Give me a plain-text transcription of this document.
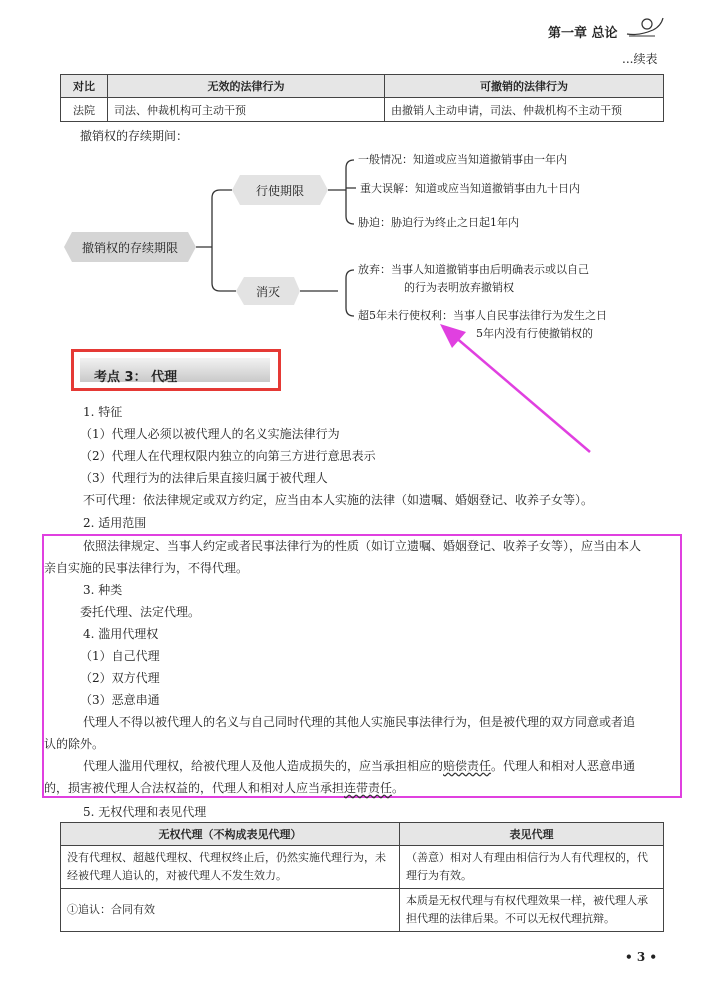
第一章 总论
...续表
对比	无效的法律行为	可撤销的法律行为
法院	司法、仲裁机构可主动干预	由撤销人主动申请，司法、仲裁机构不主动干预
撤销权的存续期间：
撤销权的存续期限
行使期限
消灭
一般情况：知道或应当知道撤销事由一年内
重大误解：知道或应当知道撤销事由九十日内
胁迫：胁迫行为终止之日起1年内
放弃：当事人知道撤销事由后明确表示或以自己
的行为表明放弃撤销权
超5年未行使权利：当事人自民事法律行为发生之日
5年内没有行使撤销权的
考点 3： 代理
1. 特征
（1）代理人必须以被代理人的名义实施法律行为
（2）代理人在代理权限内独立的向第三方进行意思表示
（3）代理行为的法律后果直接归属于被代理人
不可代理：依法律规定或双方约定，应当由本人实施的法律（如遗嘱、婚姻登记、收养子女等）。
2. 适用范围
依照法律规定、当事人约定或者民事法律行为的性质（如订立遗嘱、婚姻登记、收养子女等），应当由本人
亲自实施的民事法律行为，不得代理。
3. 种类
委托代理、法定代理。
4. 滥用代理权
（1）自己代理
（2）双方代理
（3）恶意串通
代理人不得以被代理人的名义与自己同时代理的其他人实施民事法律行为，但是被代理的双方同意或者追
认的除外。
代理人滥用代理权，给被代理人及他人造成损失的，应当承担相应的赔偿责任。代理人和相对人恶意串通
的，损害被代理人合法权益的，代理人和相对人应当承担连带责任。
5. 无权代理和表见代理
无权代理（不构成表见代理）	表见代理
没有代理权、超越代理权、代理权终止后，仍然实施代理行为，未经被代理人追认的，对被代理人不发生效力。	（善意）相对人有理由相信行为人有代理权的，代理行为有效。
①追认：合同有效	本质是无权代理与有权代理效果一样，被代理人承担代理的法律后果。不可以无权代理抗辩。
• 3 •
